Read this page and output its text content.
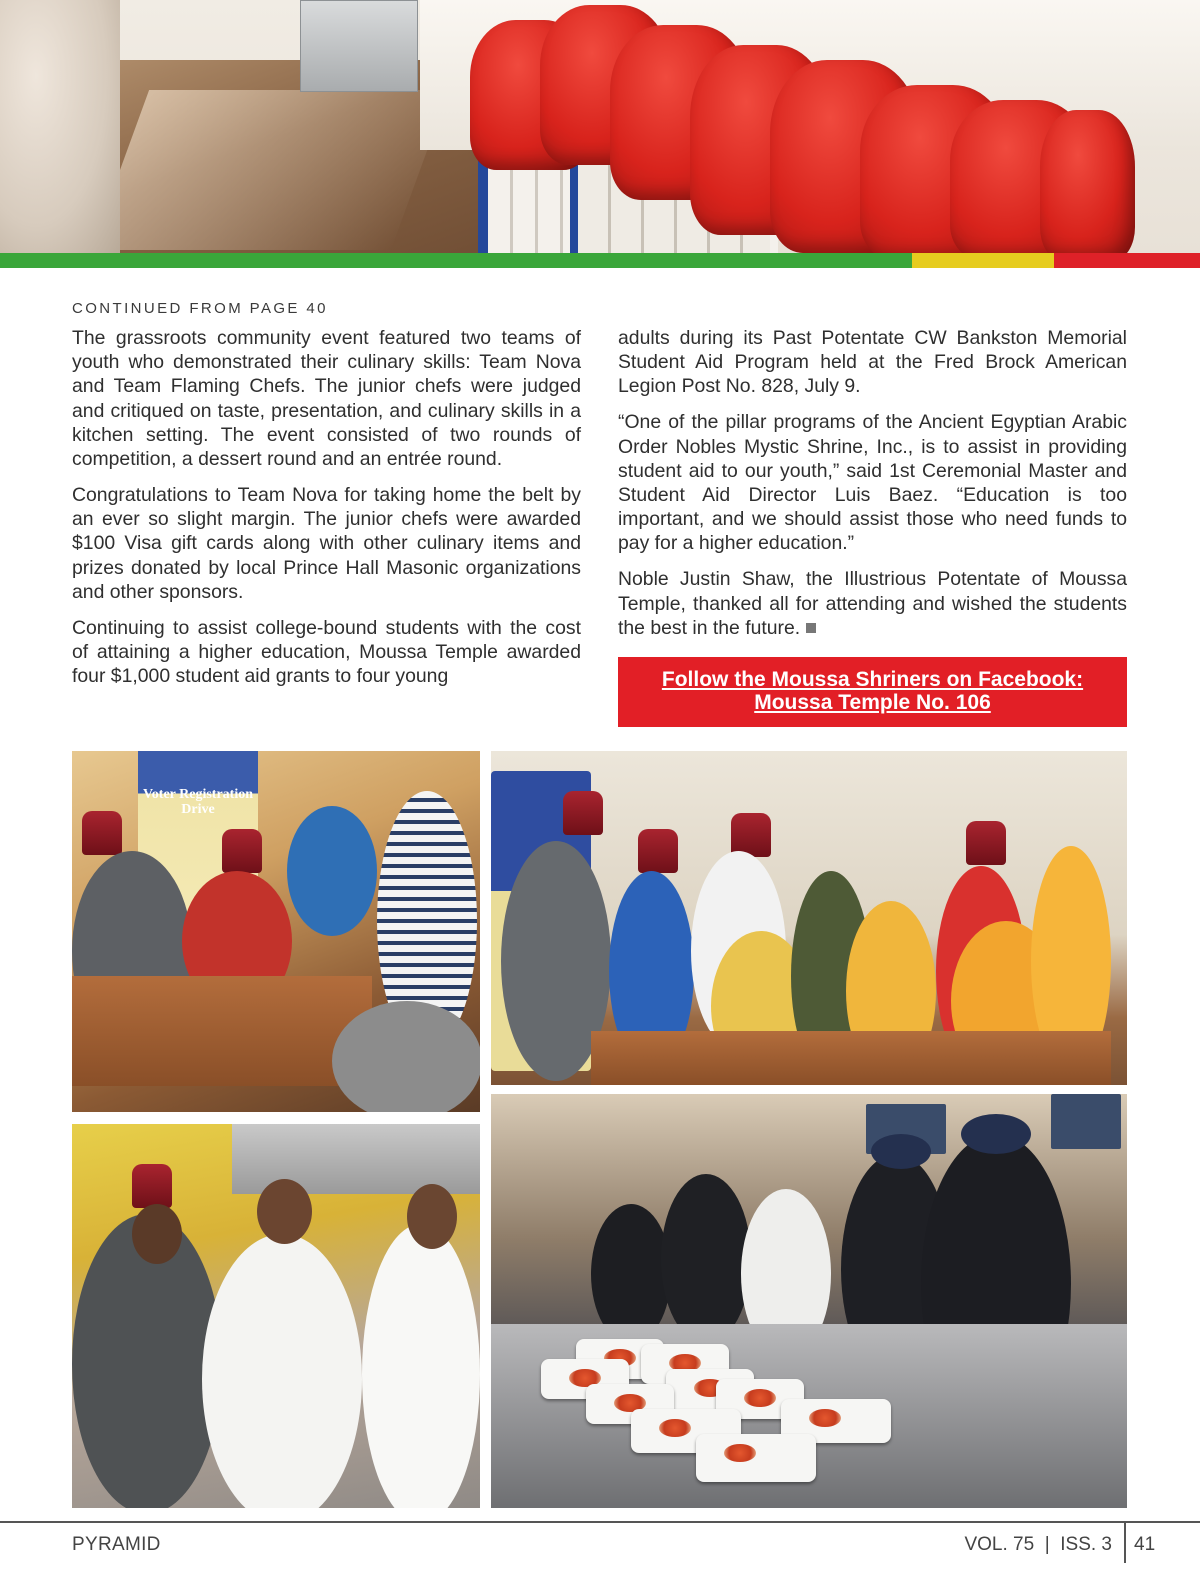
CONTINUED FROM PAGE 40

The grassroots community event featured two teams of youth who demonstrated their culinary skills: Team Nova and Team Flaming Chefs. The junior chefs were judged and critiqued on taste, presentation, and culinary skills in a kitchen setting. The event consisted of two rounds of competition, a dessert round and an entrée round.

Congratulations to Team Nova for taking home the belt by an ever so slight margin. The junior chefs were awarded $100 Visa gift cards along with other culinary items and prizes donated by local Prince Hall Masonic organizations and other sponsors.

Continuing to assist college-bound students with the cost of attaining a higher education, Moussa Temple awarded four $1,000 student aid grants to four young

adults during its Past Potentate CW Bankston Memorial Student Aid Program held at the Fred Brock American Legion Post No. 828, July 9.

“One of the pillar programs of the Ancient Egyptian Arabic Order Nobles Mystic Shrine, Inc., is to assist in providing student aid to our youth,” said 1st Ceremonial Master and Student Aid Director Luis Baez. “Education is too important, and we should assist those who need funds to pay for a higher education.”

Noble Justin Shaw, the Illustrious Potentate of Moussa Temple, thanked all for attending and wished the students the best in the future.

Follow the Moussa Shriners on Facebook:
Moussa Temple No. 106
Voter Registration Drive
PYRAMID	VOL. 75  |  ISS. 3 41
